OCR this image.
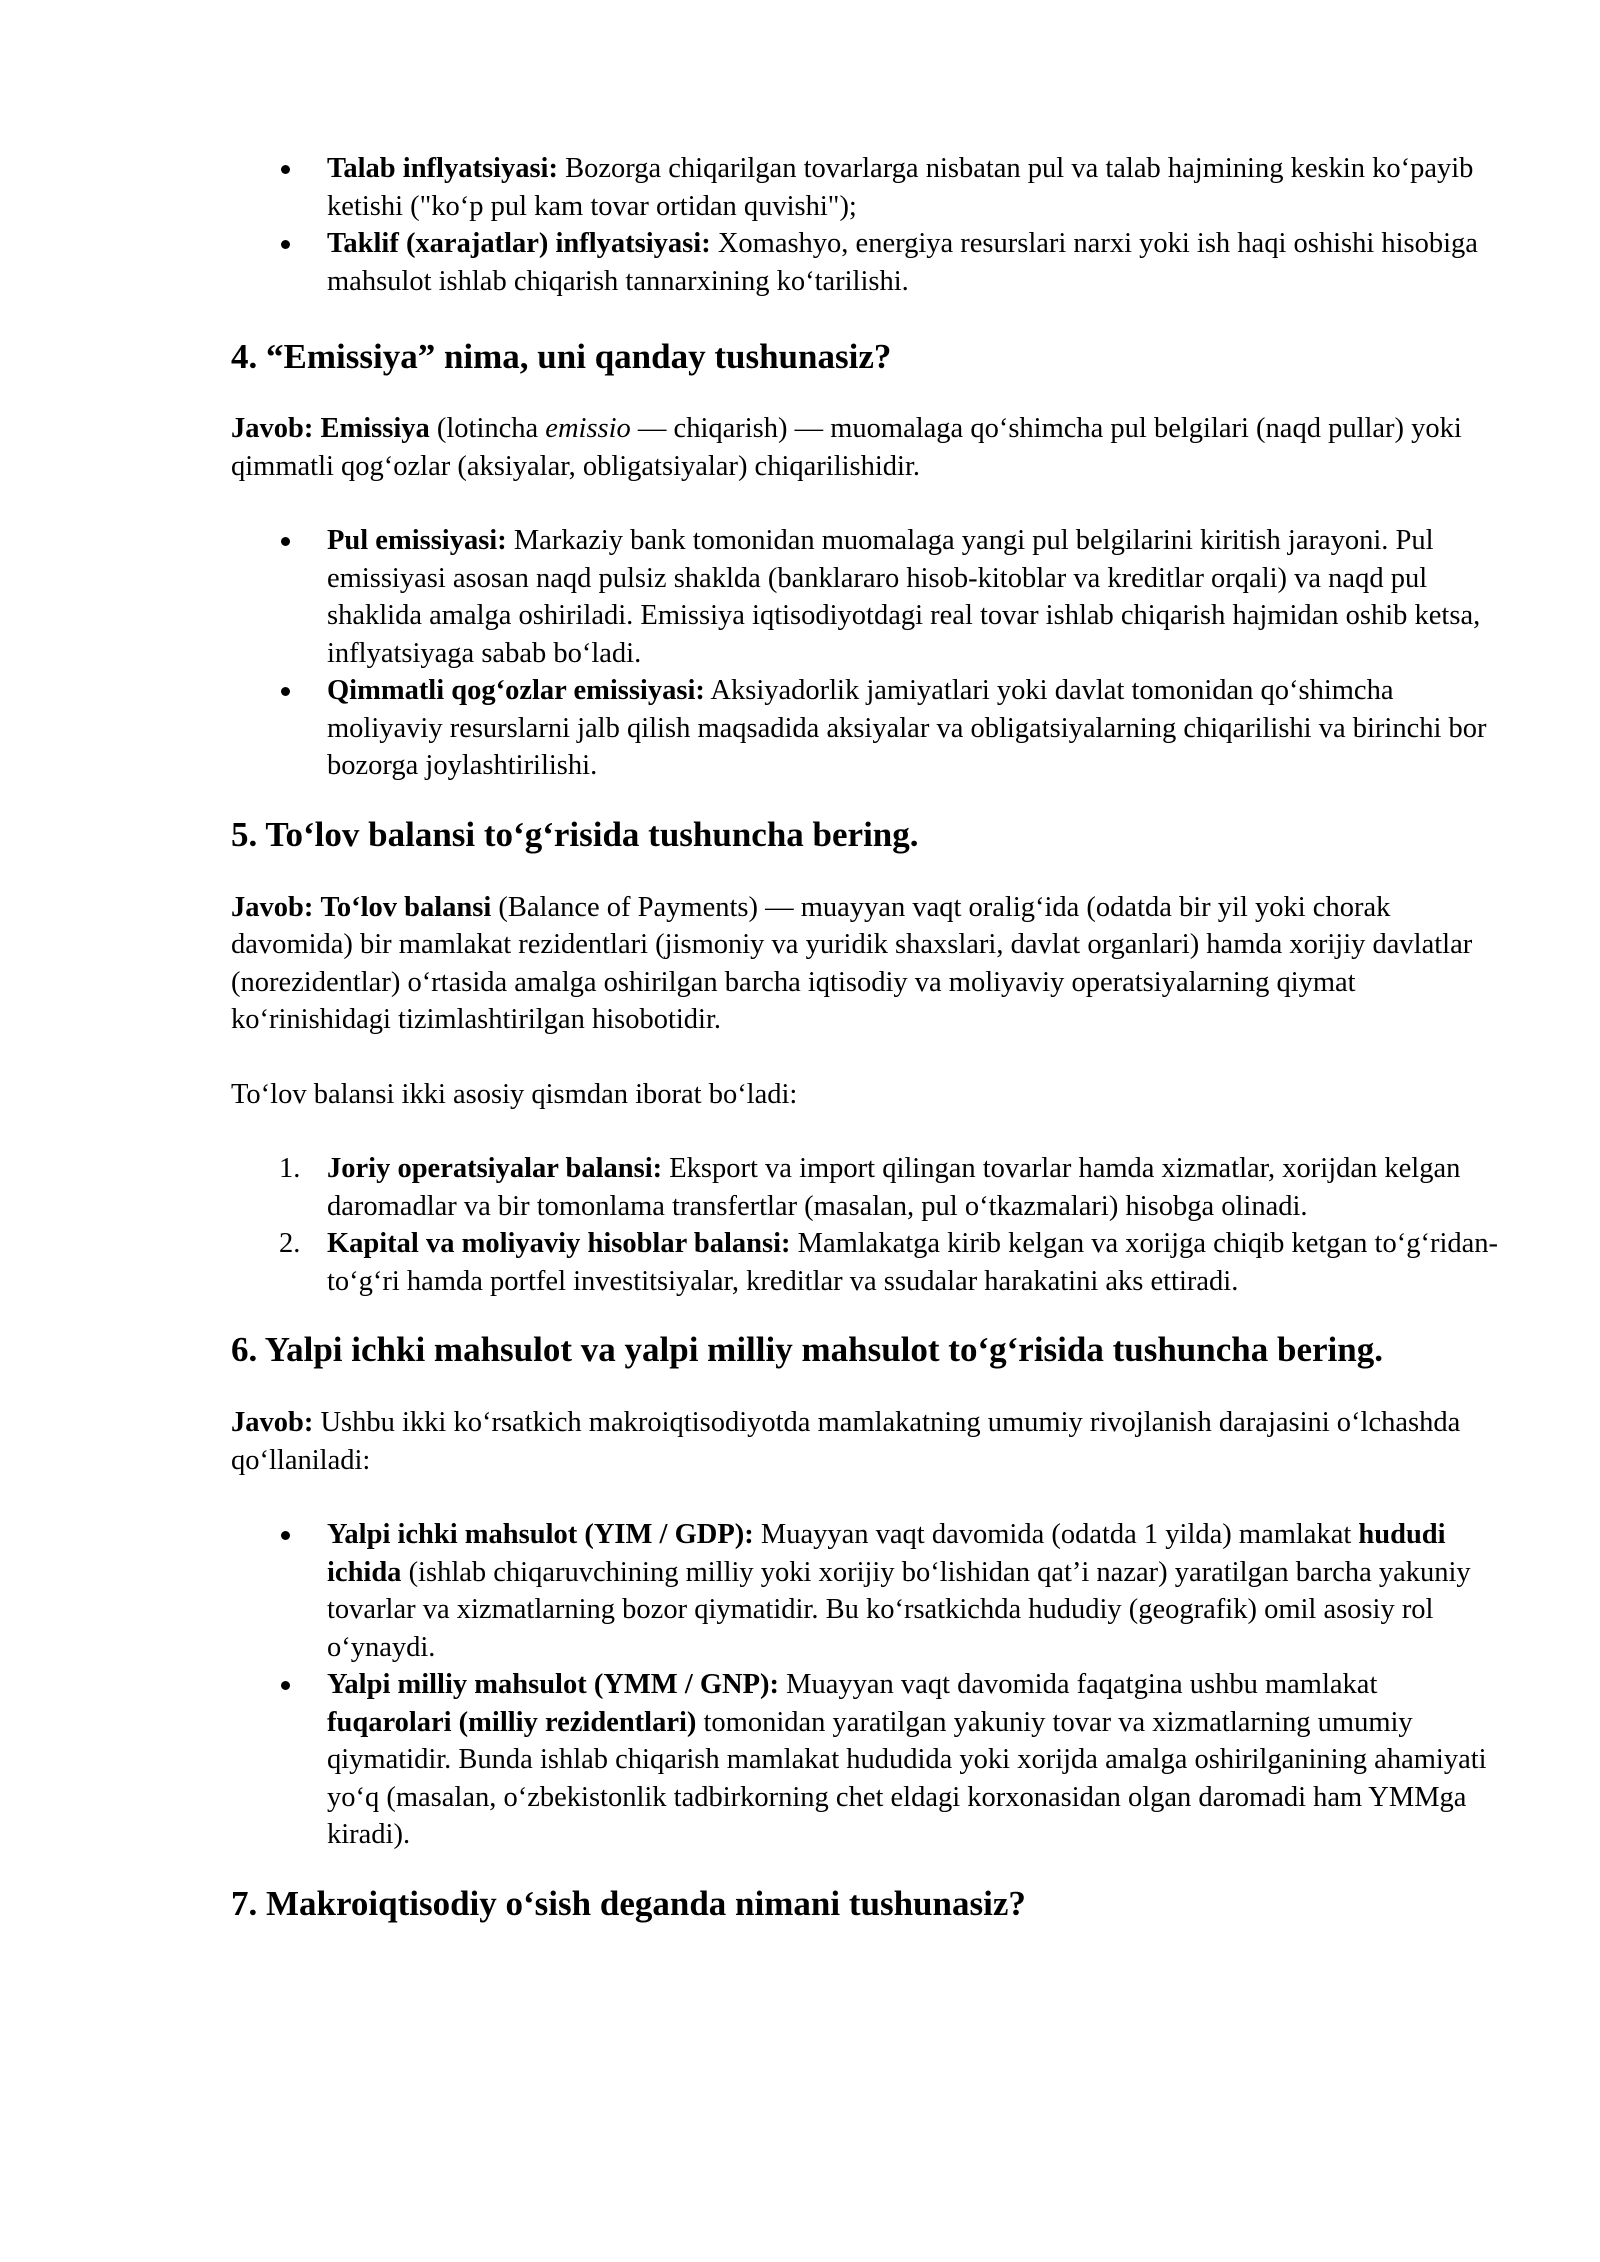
Talab inflyatsiyasi: Bozorga chiqarilgan tovarlarga nisbatan pul va talab hajmining keskin ko‘payib ketishi ("ko‘p pul kam tovar ortidan quvishi");
Taklif (xarajatlar) inflyatsiyasi: Xomashyo, energiya resurslari narxi yoki ish haqi oshishi hisobiga mahsulot ishlab chiqarish tannarxining ko‘tarilishi.
4. “Emissiya” nima, uni qanday tushunasiz?

Javob: Emissiya (lotincha emissio — chiqarish) — muomalaga qo‘shimcha pul belgilari (naqd pullar) yoki qimmatli qog‘ozlar (aksiyalar, obligatsiyalar) chiqarilishidir.

Pul emissiyasi: Markaziy bank tomonidan muomalaga yangi pul belgilarini kiritish jarayoni. Pul emissiyasi asosan naqd pulsiz shaklda (banklararo hisob-kitoblar va kreditlar orqali) va naqd pul shaklida amalga oshiriladi. Emissiya iqtisodiyotdagi real tovar ishlab chiqarish hajmidan oshib ketsa, inflyatsiyaga sabab bo‘ladi.
Qimmatli qog‘ozlar emissiyasi: Aksiyadorlik jamiyatlari yoki davlat tomonidan qo‘shimcha moliyaviy resurslarni jalb qilish maqsadida aksiyalar va obligatsiyalarning chiqarilishi va birinchi bor bozorga joylashtirilishi.
5. To‘lov balansi to‘g‘risida tushuncha bering.

Javob: To‘lov balansi (Balance of Payments) — muayyan vaqt oralig‘ida (odatda bir yil yoki chorak davomida) bir mamlakat rezidentlari (jismoniy va yuridik shaxslari, davlat organlari) hamda xorijiy davlatlar (norezidentlar) o‘rtasida amalga oshirilgan barcha iqtisodiy va moliyaviy operatsiyalarning qiymat ko‘rinishidagi tizimlashtirilgan hisobotidir.

To‘lov balansi ikki asosiy qismdan iborat bo‘ladi:

1. Joriy operatsiyalar balansi: Eksport va import qilingan tovarlar hamda xizmatlar, xorijdan kelgan daromadlar va bir tomonlama transfertlar (masalan, pul o‘tkazmalari) hisobga olinadi.
2. Kapital va moliyaviy hisoblar balansi: Mamlakatga kirib kelgan va xorijga chiqib ketgan to‘g‘ridan-to‘g‘ri hamda portfel investitsiyalar, kreditlar va ssudalar harakatini aks ettiradi.
6. Yalpi ichki mahsulot va yalpi milliy mahsulot to‘g‘risida tushuncha bering.

Javob: Ushbu ikki ko‘rsatkich makroiqtisodiyotda mamlakatning umumiy rivojlanish darajasini o‘lchashda qo‘llaniladi:

Yalpi ichki mahsulot (YIM / GDP): Muayyan vaqt davomida (odatda 1 yilda) mamlakat hududi ichida (ishlab chiqaruvchining milliy yoki xorijiy bo‘lishidan qat’i nazar) yaratilgan barcha yakuniy tovarlar va xizmatlarning bozor qiymatidir. Bu ko‘rsatkichda hududiy (geografik) omil asosiy rol o‘ynaydi.
Yalpi milliy mahsulot (YMM / GNP): Muayyan vaqt davomida faqatgina ushbu mamlakat fuqarolari (milliy rezidentlari) tomonidan yaratilgan yakuniy tovar va xizmatlarning umumiy qiymatidir. Bunda ishlab chiqarish mamlakat hududida yoki xorijda amalga oshirilganining ahamiyati yo‘q (masalan, o‘zbekistonlik tadbirkorning chet eldagi korxonasidan olgan daromadi ham YMMga kiradi).
7. Makroiqtisodiy o‘sish deganda nimani tushunasiz?
